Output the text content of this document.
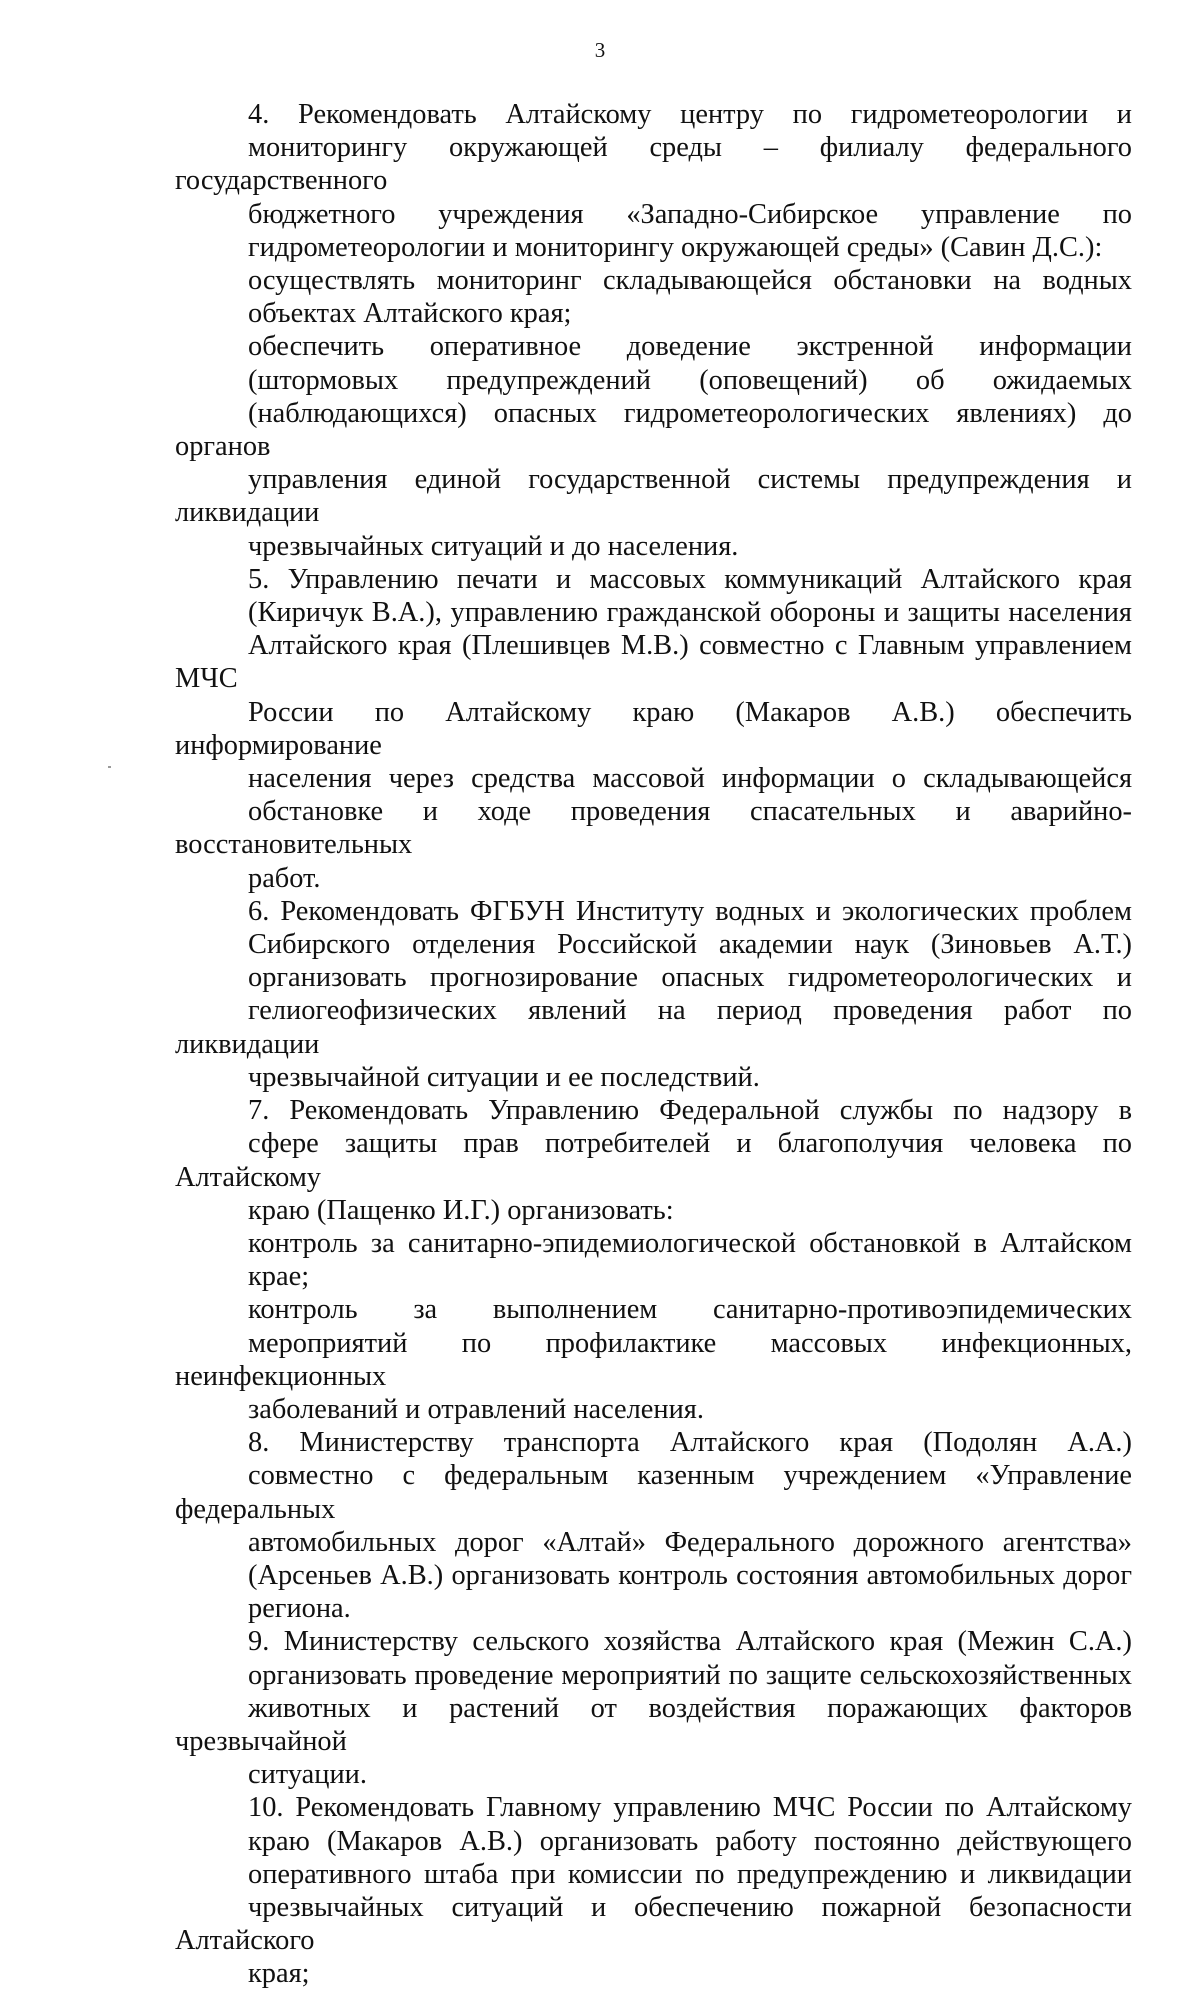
3

4. Рекомендовать Алтайскому центру по гидрометеорологии и
мониторингу окружающей среды – филиалу федерального государственного
бюджетного учреждения «Западно-Сибирское управление по
гидрометеорологии и мониторингу окружающей среды» (Савин Д.С.):

осуществлять мониторинг складывающейся обстановки на водных
объектах Алтайского края;

обеспечить оперативное доведение экстренной информации
(штормовых предупреждений (оповещений) об ожидаемых
(наблюдающихся) опасных гидрометеорологических явлениях) до органов
управления единой государственной системы предупреждения и ликвидации
чрезвычайных ситуаций и до населения.

5. Управлению печати и массовых коммуникаций Алтайского края
(Киричук В.А.), управлению гражданской обороны и защиты населения
Алтайского края (Плешивцев М.В.) совместно с Главным управлением МЧС
России по Алтайскому краю (Макаров А.В.) обеспечить информирование
населения через средства массовой информации о складывающейся
обстановке и ходе проведения спасательных и аварийно-восстановительных
работ.

6. Рекомендовать ФГБУН Институту водных и экологических проблем
Сибирского отделения Российской академии наук (Зиновьев А.Т.)
организовать прогнозирование опасных гидрометеорологических и
гелиогеофизических явлений на период проведения работ по ликвидации
чрезвычайной ситуации и ее последствий.

7. Рекомендовать Управлению Федеральной службы по надзору в
сфере защиты прав потребителей и благополучия человека по Алтайскому
краю (Пащенко И.Г.) организовать:

контроль за санитарно-эпидемиологической обстановкой в Алтайском
крае;

контроль за выполнением санитарно-противоэпидемических
мероприятий по профилактике массовых инфекционных, неинфекционных
заболеваний и отравлений населения.

8. Министерству транспорта Алтайского края (Подолян А.А.)
совместно с федеральным казенным учреждением «Управление федеральных
автомобильных дорог «Алтай» Федерального дорожного агентства»
(Арсеньев А.В.) организовать контроль состояния автомобильных дорог
региона.

9. Министерству сельского хозяйства Алтайского края (Межин С.А.)
организовать проведение мероприятий по защите сельскохозяйственных
животных и растений от воздействия поражающих факторов чрезвычайной
ситуации.

10. Рекомендовать Главному управлению МЧС России по Алтайскому
краю (Макаров А.В.) организовать работу постоянно действующего
оперативного штаба при комиссии по предупреждению и ликвидации
чрезвычайных ситуаций и обеспечению пожарной безопасности Алтайского
края;
